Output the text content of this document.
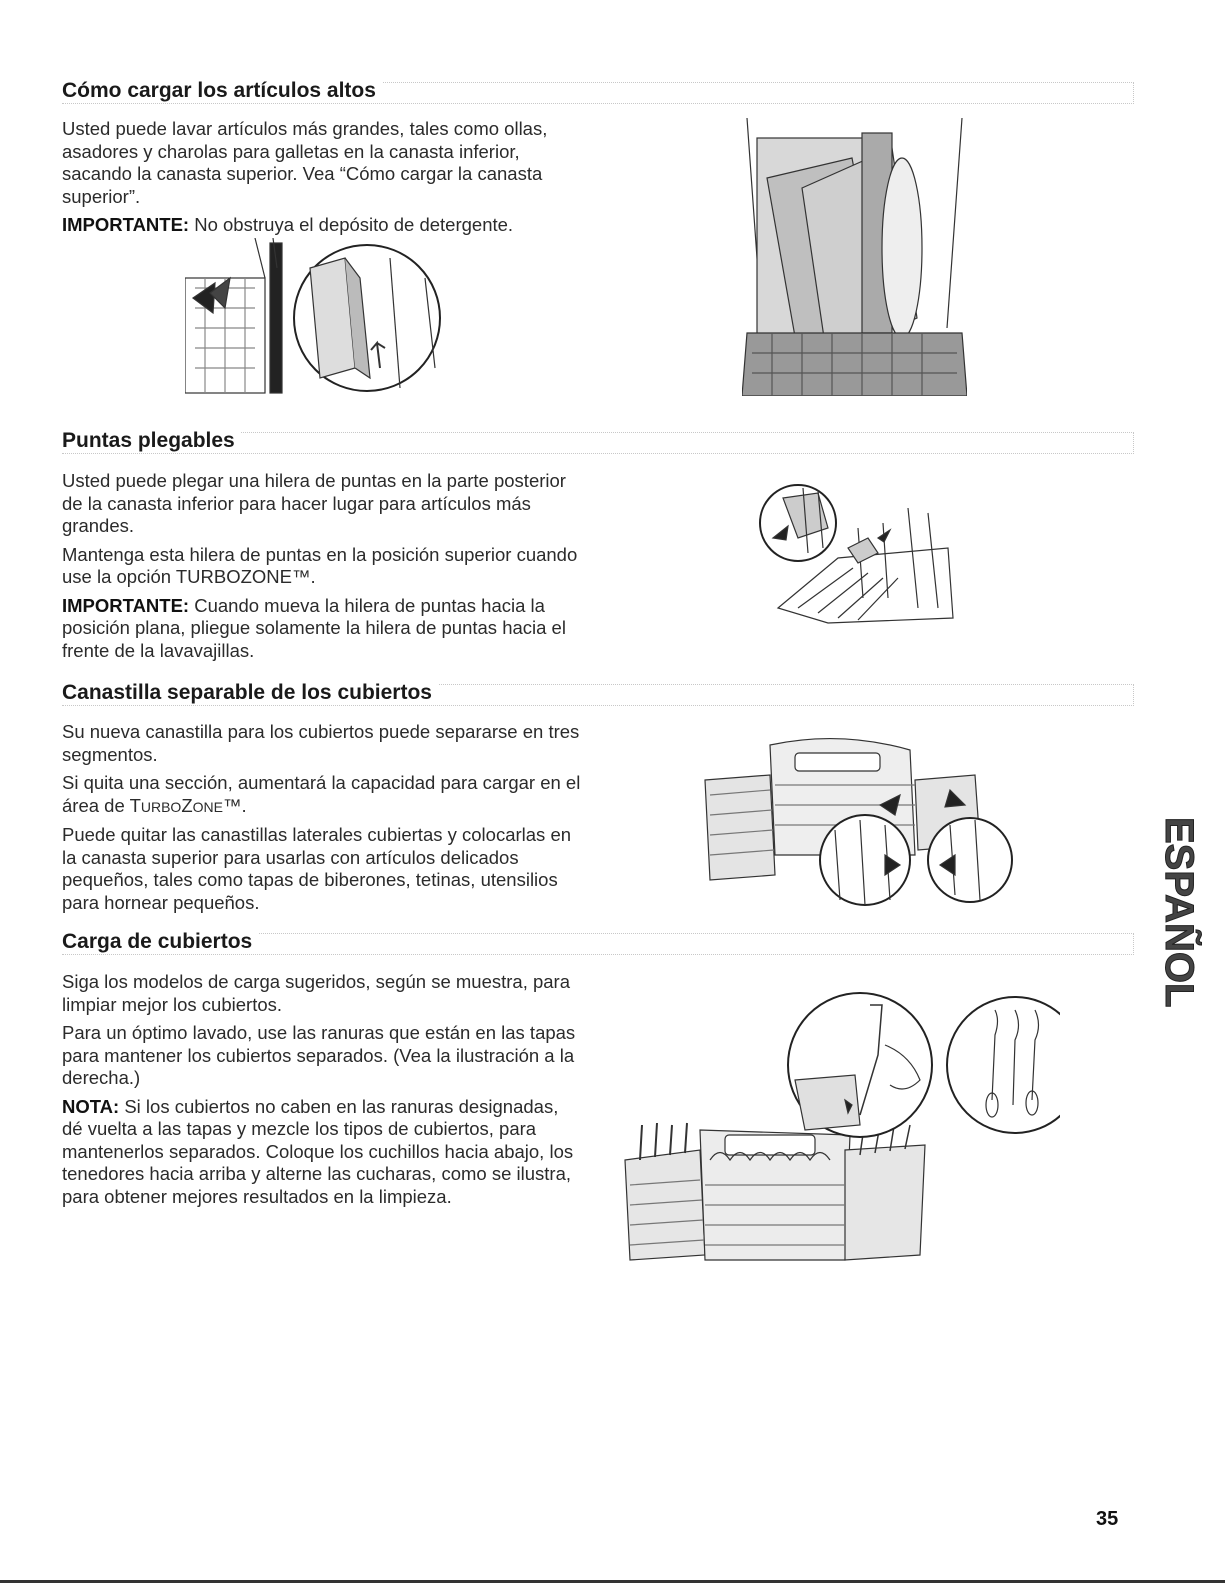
Cómo cargar los artículos altos

Usted puede lavar artículos más grandes, tales como ollas, asadores y charolas para galletas en la canasta inferior, sacando la canasta superior. Vea “Cómo cargar la canasta superior”.

IMPORTANTE: No obstruya el depósito de detergente.

Puntas plegables

Usted puede plegar una hilera de puntas en la parte posterior de la canasta inferior para hacer lugar para artículos más grandes.

Mantenga esta hilera de puntas en la posición superior cuando use la opción TURBOZONE™.

IMPORTANTE: Cuando mueva la hilera de puntas hacia la posición plana, pliegue solamente la hilera de puntas hacia el frente de la lavavajillas.

Canastilla separable de los cubiertos

Su nueva canastilla para los cubiertos puede separarse en tres segmentos.

Si quita una sección, aumentará la capacidad para cargar en el área de TURBOZONE™.

Puede quitar las canastillas laterales cubiertas y colocarlas en la canasta superior para usarlas con artículos delicados pequeños, tales como tapas de biberones, tetinas, utensilios para hornear pequeños.

Carga de cubiertos

Siga los modelos de carga sugeridos, según se muestra, para limpiar mejor los cubiertos.

Para un óptimo lavado, use las ranuras que están en las tapas para mantener los cubiertos separados. (Vea la ilustración a la derecha.)

NOTA: Si los cubiertos no caben en las ranuras designadas, dé vuelta a las tapas y mezcle los tipos de cubiertos, para mantenerlos separados. Coloque los cuchillos hacia abajo, los tenedores hacia arriba y alterne las cucharas, como se ilustra, para obtener mejores resultados en la limpieza.

ESPAÑOL
35
